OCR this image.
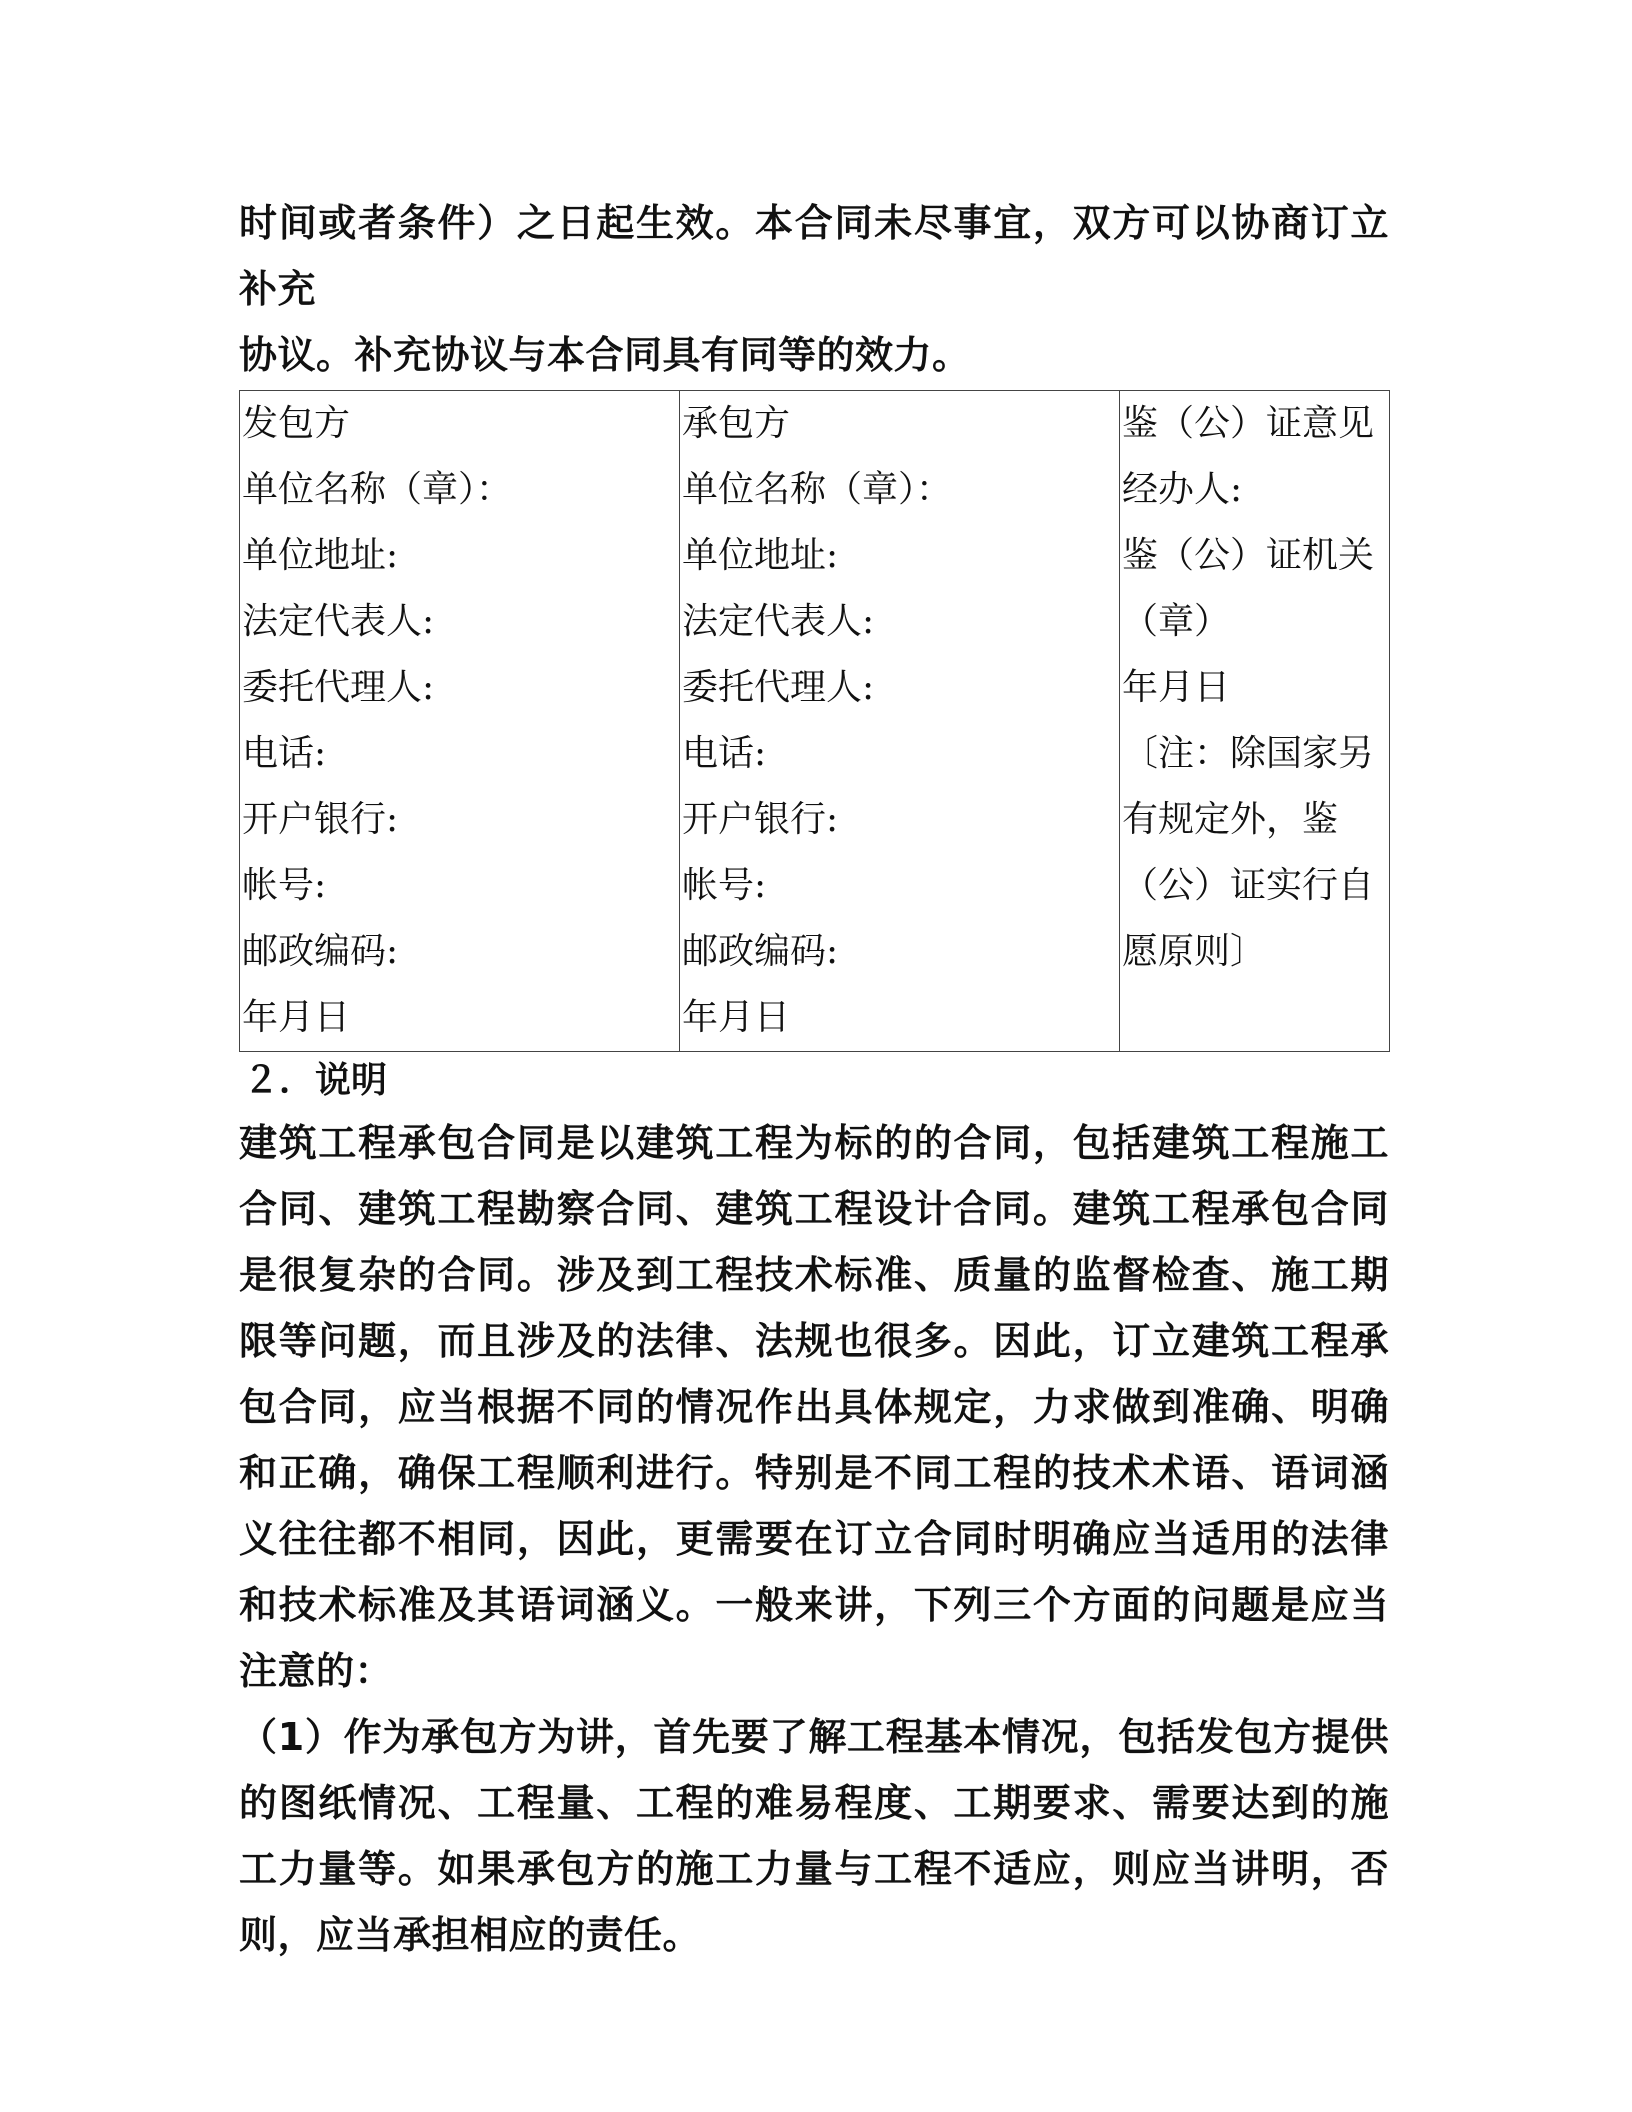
时间或者条件）之日起生效。本合同未尽事宜，双方可以协商订立补充
协议。补充协议与本合同具有同等的效力。

发包方
单位名称（章）：
单位地址:
法定代表人:
委托代理人:
电话:
开户银行:
帐号:
邮政编码:
年月日

承包方
单位名称（章）：
单位地址:
法定代表人:
委托代理人:
电话:
开户银行:
帐号:
邮政编码:
年月日

鉴（公）证意见
经办人:
鉴（公）证机关
（章）
年月日
〔注：除国家另
有规定外，鉴
（公）证实行自
愿原则〕

２．说明

建筑工程承包合同是以建筑工程为标的的合同，包括建筑工程施工合同、建筑工程勘察合同、建筑工程设计合同。建筑工程承包合同是很复杂的合同。涉及到工程技术标准、质量的监督检查、施工期限等问题，而且涉及的法律、法规也很多。因此，订立建筑工程承包合同，应当根据不同的情况作出具体规定，力求做到准确、明确和正确，确保工程顺利进行。特别是不同工程的技术术语、语词涵义往往都不相同，因此，更需要在订立合同时明确应当适用的法律和技术标准及其语词涵义。一般来讲，下列三个方面的问题是应当注意的：

（1）作为承包方为讲，首先要了解工程基本情况，包括发包方提供的图纸情况、工程量、工程的难易程度、工期要求、需要达到的施工力量等。如果承包方的施工力量与工程不适应，则应当讲明，否则，应当承担相应的责任。
